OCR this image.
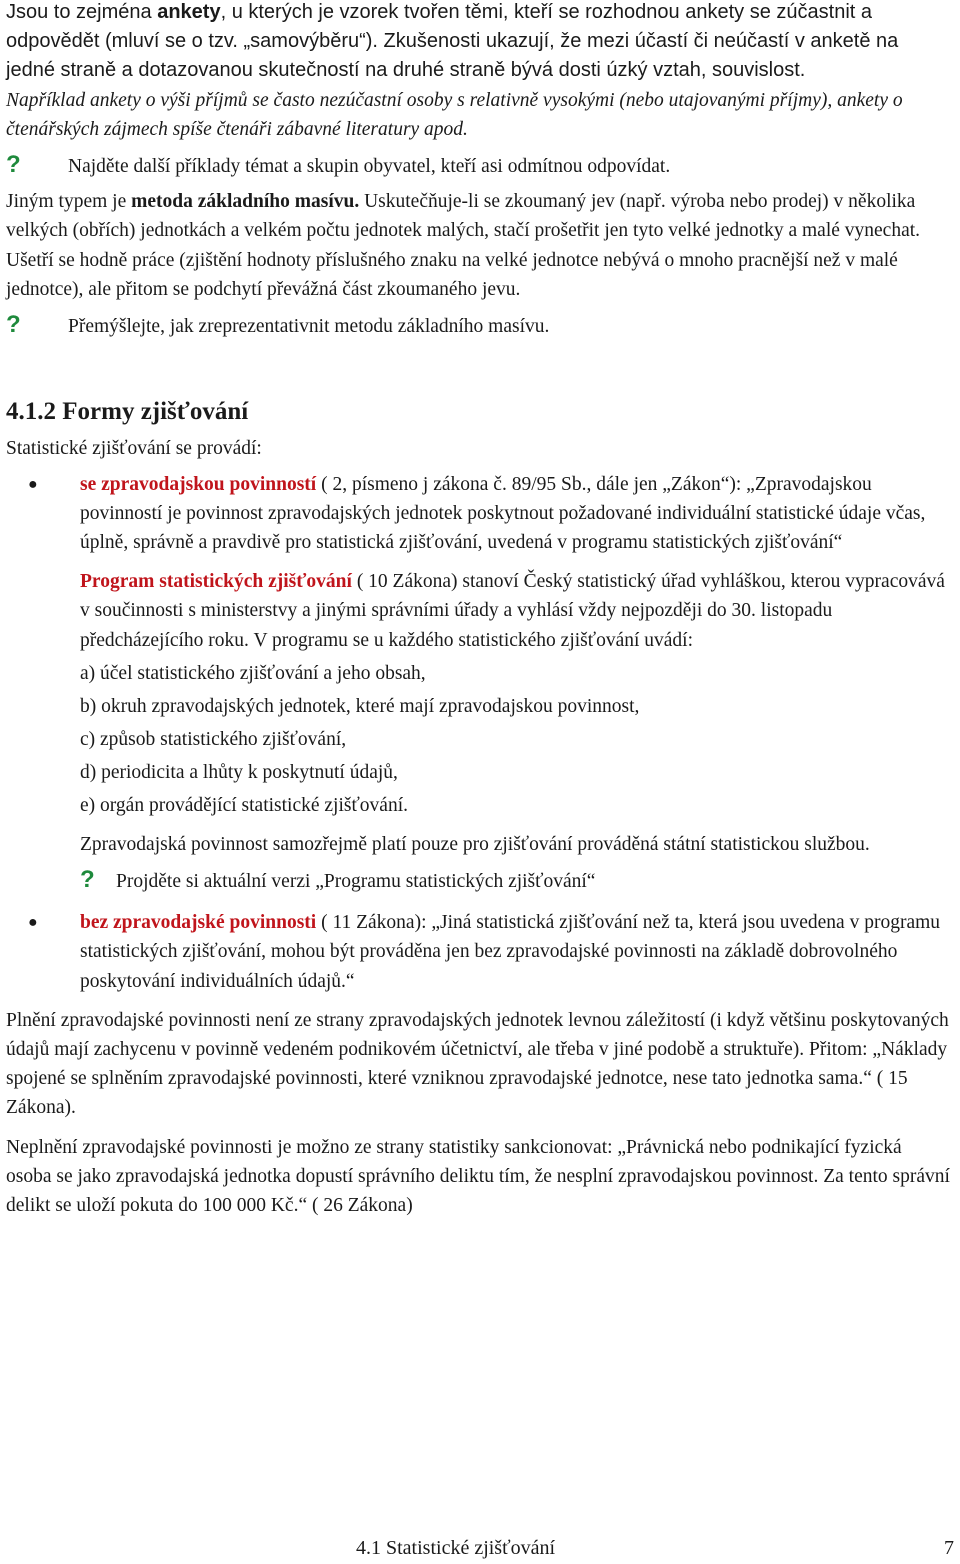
Jsou to zejména ankety, u kterých je vzorek tvořen těmi, kteří se rozhodnou ankety se zúčastnit a odpovědět (mluví se o tzv. „samovýběru“). Zkušenosti ukazují, že mezi účastí či neúčastí v anketě na jedné straně a dotazovanou skutečností na druhé straně bývá dosti úzký vztah, souvislost.

Například ankety o výši příjmů se často nezúčastní osoby s relativně vysokými (nebo utajovanými příjmy), ankety o čtenářských zájmech spíše čtenáři zábavné literatury apod.

?	Najděte další příklady témat a skupin obyvatel, kteří asi odmítnou odpovídat.

Jiným typem je metoda základního masívu. Uskutečňuje-li se zkoumaný jev (např. výroba nebo prodej) v několika velkých (obřích) jednotkách a velkém počtu jednotek malých, stačí prošetřit jen tyto velké jednotky a malé vynechat. Ušetří se hodně práce (zjištění hodnoty příslušného znaku na velké jednotce nebývá o mnoho pracnější než v malé jednotce), ale přitom se podchytí převážná část zkoumaného jevu.

?	Přemýšlejte, jak zreprezentativnit metodu základního masívu.
4.1.2 Formy zjišťování

Statistické zjišťování se provádí:

●	se zpravodajskou povinností ( 2, písmeno j zákona č. 89/95 Sb., dále jen „Zákon“): „Zpravodajskou povinností je povinnost zpravodajských jednotek poskytnout požadované individuální statistické údaje včas, úplně, správně a pravdivě pro statistická zjišťování, uvedená v programu statistických zjišťování“

Program statistických zjišťování ( 10 Zákona) stanoví Český statistický úřad vyhláškou, kterou vypracovává v součinnosti s ministerstvy a jinými správními úřady a vyhlásí vždy nejpozději do 30. listopadu předcházejícího roku. V programu se u každého statistického zjišťování uvádí:

a) účel statistického zjišťování a jeho obsah,

b) okruh zpravodajských jednotek, které mají zpravodajskou povinnost,

c) způsob statistického zjišťování,

d) periodicita a lhůty k poskytnutí údajů,

e) orgán provádějící statistické zjišťování.

Zpravodajská povinnost samozřejmě platí pouze pro zjišťování prováděná státní statistickou službou.

?	Projděte si aktuální verzi „Programu statistických zjišťování“
●	bez zpravodajské povinnosti ( 11 Zákona): „Jiná statistická zjišťování než ta, která jsou uvedena v programu statistických zjišťování, mohou být prováděna jen bez zpravodajské povinnosti na základě dobrovolného poskytování individuálních údajů.“

Plnění zpravodajské povinnosti není ze strany zpravodajských jednotek levnou záležitostí (i když většinu poskytovaných údajů mají zachycenu v povinně vedeném podnikovém účetnictví, ale třeba v jiné podobě a struktuře). Přitom: „Náklady spojené se splněním zpravodajské povinnosti, které vzniknou zpravodajské jednotce, nese tato jednotka sama.“ ( 15 Zákona).

Neplnění zpravodajské povinnosti je možno ze strany statistiky sankcionovat: „Právnická nebo podnikající fyzická osoba se jako zpravodajská jednotka dopustí správního deliktu tím, že nesplní zpravodajskou povinnost. Za tento správní delikt se uloží pokuta do 100 000 Kč.“ ( 26 Zákona)

4.1 Statistické zjišťování	7
